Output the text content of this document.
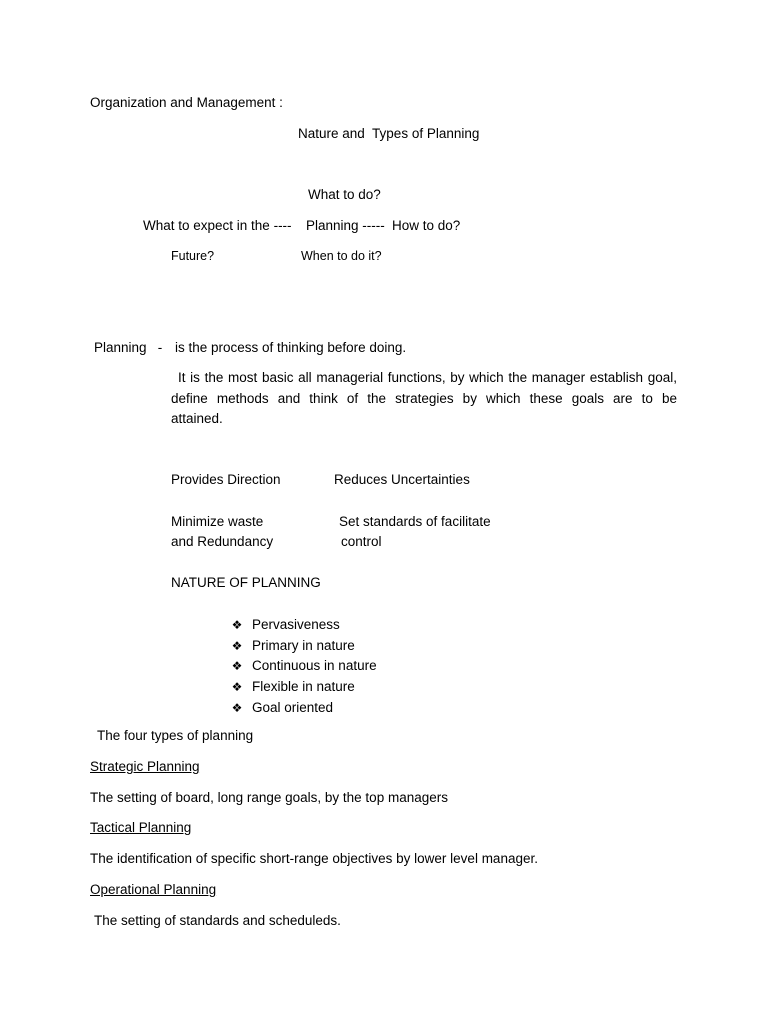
Organization and Management :
Nature and  Types of Planning
What to do?
What to expect in the ---- Planning ----- How to do?
Future?	When to do it?
Planning   - is the process of thinking before doing.
It is the most basic all managerial functions, by which the manager establish goal,
define methods and think of the strategies by which these goals are to be
attained.
Provides Direction	Reduces Uncertainties
Minimize waste
and Redundancy
Set standards of facilitate
control
NATURE OF PLANNING
❖ Pervasiveness
❖ Primary in nature
❖ Continuous in nature
❖ Flexible in nature
❖ Goal oriented
The four types of planning
Strategic Planning
The setting of board, long range goals, by the top managers
Tactical Planning
The identification of specific short-range objectives by lower level manager.
Operational Planning
The setting of standards and scheduleds.
